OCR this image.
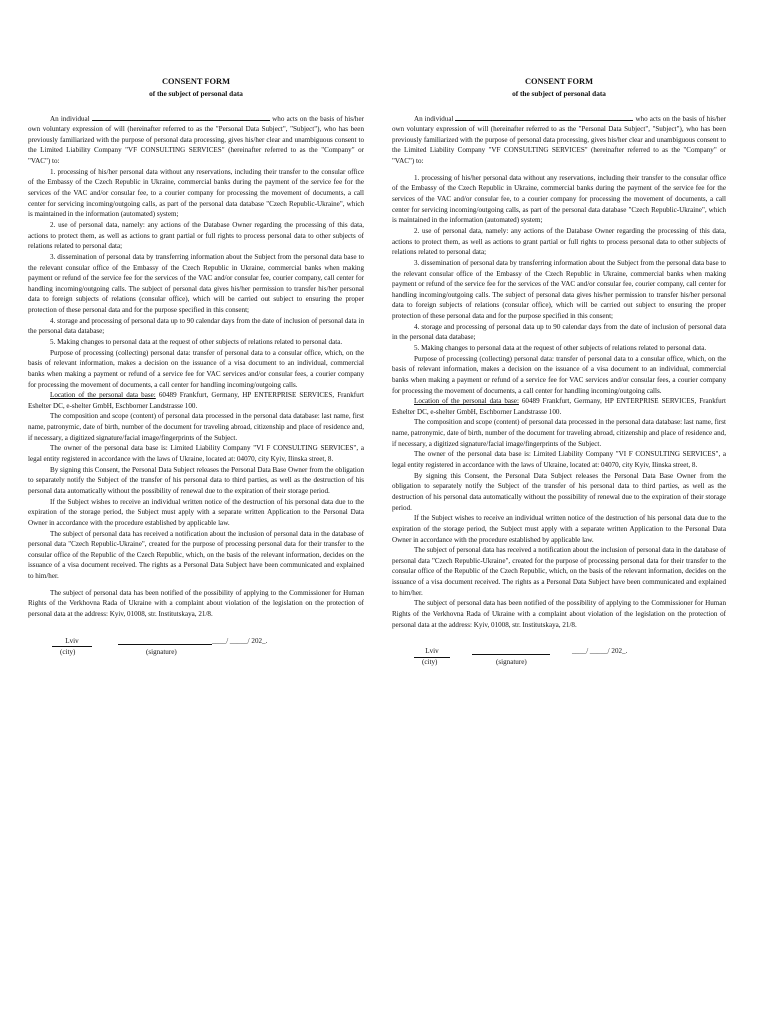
CONSENT FORM

of the subject of personal data

An individual	who acts on the basis of his/her own voluntary expression of will (hereinafter referred to as the "Personal Data Subject", "Subject"), who has been previously familiarized with the purpose of personal data processing, gives his/her clear and unambiguous consent to the Limited Liability Company "VF CONSULTING SERVICES" (hereinafter referred to as the "Company" or "VAC") to:

1. processing of his/her personal data without any reservations, including their transfer to the consular office of the Embassy of the Czech Republic in Ukraine, commercial banks during the payment of the service fee for the services of the VAC and/or consular fee, to a courier company for processing the movement of documents, a call center for servicing incoming/outgoing calls, as part of the personal data database "Czech Republic-Ukraine", which is maintained in the information (automated) system;

2. use of personal data, namely: any actions of the Database Owner regarding the processing of this data, actions to protect them, as well as actions to grant partial or full rights to process personal data to other subjects of relations related to personal data;

3. dissemination of personal data by transferring information about the Subject from the personal data base to the relevant consular office of the Embassy of the Czech Republic in Ukraine, commercial banks when making payment or refund of the service fee for the services of the VAC and/or consular fee, courier company, call center for handling incoming/outgoing calls. The subject of personal data gives his/her permission to transfer his/her personal data to foreign subjects of relations (consular office), which will be carried out subject to ensuring the proper protection of these personal data and for the purpose specified in this consent;

4. storage and processing of personal data up to 90 calendar days from the date of inclusion of personal data in the personal data database;

5. Making changes to personal data at the request of other subjects of relations related to personal data.

Purpose of processing (collecting) personal data: transfer of personal data to a consular office, which, on the basis of relevant information, makes a decision on the issuance of a visa document to an individual, commercial banks when making a payment or refund of a service fee for VAC services and/or consular fees, a courier company for processing the movement of documents, a call center for handling incoming/outgoing calls.

Location of the personal data base: 60489 Frankfurt, Germany, HP ENTERPRISE SERVICES, Frankfurt Eshelter DC, e-shelter GmbH, Eschborner Landstrasse 100.

The composition and scope (content) of personal data processed in the personal data database: last name, first name, patronymic, date of birth, number of the document for traveling abroad, citizenship and place of residence and, if necessary, a digitized signature/facial image/fingerprints of the Subject.

The owner of the personal data base is: Limited Liability Company "VI F CONSULTING SERVICES", a legal entity registered in accordance with the laws of Ukraine, located at: 04070, city Kyiv, Ilinska street, 8.

By signing this Consent, the Personal Data Subject releases the Personal Data Base Owner from the obligation to separately notify the Subject of the transfer of his personal data to third parties, as well as the destruction of his personal data automatically without the possibility of renewal due to the expiration of their storage period.

If the Subject wishes to receive an individual written notice of the destruction of his personal data due to the expiration of the storage period, the Subject must apply with a separate written Application to the Personal Data Owner in accordance with the procedure established by applicable law.

The subject of personal data has received a notification about the inclusion of personal data in the database of personal data "Czech Republic-Ukraine", created for the purpose of processing personal data for their transfer to the consular office of the Republic of the Czech Republic, which, on the basis of the relevant information, decides on the issuance of a visa document received. The rights as a Personal Data Subject have been communicated and explained to him/her.

The subject of personal data has been notified of the possibility of applying to the Commissioner for Human Rights of the Verkhovna Rada of Ukraine with a complaint about violation of the legislation on the protection of personal data at the address: Kyiv, 01008, str. Institutskaya, 21/8.

Lviv	____/ _____/ 202_.
(city)	(signature)

CONSENT FORM

of the subject of personal data

An individual	who acts on the basis of his/her own voluntary expression of will (hereinafter referred to as the "Personal Data Subject", "Subject"), who has been previously familiarized with the purpose of personal data processing, gives his/her clear and unambiguous consent to the Limited Liability Company "VF CONSULTING SERVICES" (hereinafter referred to as the "Company" or "VAC") to:

1. processing of his/her personal data without any reservations, including their transfer to the consular office of the Embassy of the Czech Republic in Ukraine, commercial banks during the payment of the service fee for the services of the VAC and/or consular fee, to a courier company for processing the movement of documents, a call center for servicing incoming/outgoing calls, as part of the personal data database "Czech Republic-Ukraine", which is maintained in the information (automated) system;

2. use of personal data, namely: any actions of the Database Owner regarding the processing of this data, actions to protect them, as well as actions to grant partial or full rights to process personal data to other subjects of relations related to personal data;

3. dissemination of personal data by transferring information about the Subject from the personal data base to the relevant consular office of the Embassy of the Czech Republic in Ukraine, commercial banks when making payment or refund of the service fee for the services of the VAC and/or consular fee, courier company, call center for handling incoming/outgoing calls. The subject of personal data gives his/her permission to transfer his/her personal data to foreign subjects of relations (consular office), which will be carried out subject to ensuring the proper protection of these personal data and for the purpose specified in this consent;

4. storage and processing of personal data up to 90 calendar days from the date of inclusion of personal data in the personal data database;

5. Making changes to personal data at the request of other subjects of relations related to personal data.

Purpose of processing (collecting) personal data: transfer of personal data to a consular office, which, on the basis of relevant information, makes a decision on the issuance of a visa document to an individual, commercial banks when making a payment or refund of a service fee for VAC services and/or consular fees, a courier company for processing the movement of documents, a call center for handling incoming/outgoing calls.

Location of the personal data base: 60489 Frankfurt, Germany, HP ENTERPRISE SERVICES, Frankfurt Eshelter DC, e-shelter GmbH, Eschborner Landstrasse 100.

The composition and scope (content) of personal data processed in the personal data database: last name, first name, patronymic, date of birth, number of the document for traveling abroad, citizenship and place of residence and, if necessary, a digitized signature/facial image/fingerprints of the Subject.

The owner of the personal data base is: Limited Liability Company "VI F CONSULTING SERVICES", a legal entity registered in accordance with the laws of Ukraine, located at: 04070, city Kyiv, Ilinska street, 8.

By signing this Consent, the Personal Data Subject releases the Personal Data Base Owner from the obligation to separately notify the Subject of the transfer of his personal data to third parties, as well as the destruction of his personal data automatically without the possibility of renewal due to the expiration of their storage period.

If the Subject wishes to receive an individual written notice of the destruction of his personal data due to the expiration of the storage period, the Subject must apply with a separate written Application to the Personal Data Owner in accordance with the procedure established by applicable law.

The subject of personal data has received a notification about the inclusion of personal data in the database of personal data "Czech Republic-Ukraine", created for the purpose of processing personal data for their transfer to the consular office of the Republic of the Czech Republic, which, on the basis of the relevant information, decides on the issuance of a visa document received. The rights as a Personal Data Subject have been communicated and explained to him/her.

The subject of personal data has been notified of the possibility of applying to the Commissioner for Human Rights of the Verkhovna Rada of Ukraine with a complaint about violation of the legislation on the protection of personal data at the address: Kyiv, 01008, str. Institutskaya, 21/8.

Lviv	____/ _____/ 202_.
(city)	(signature)
